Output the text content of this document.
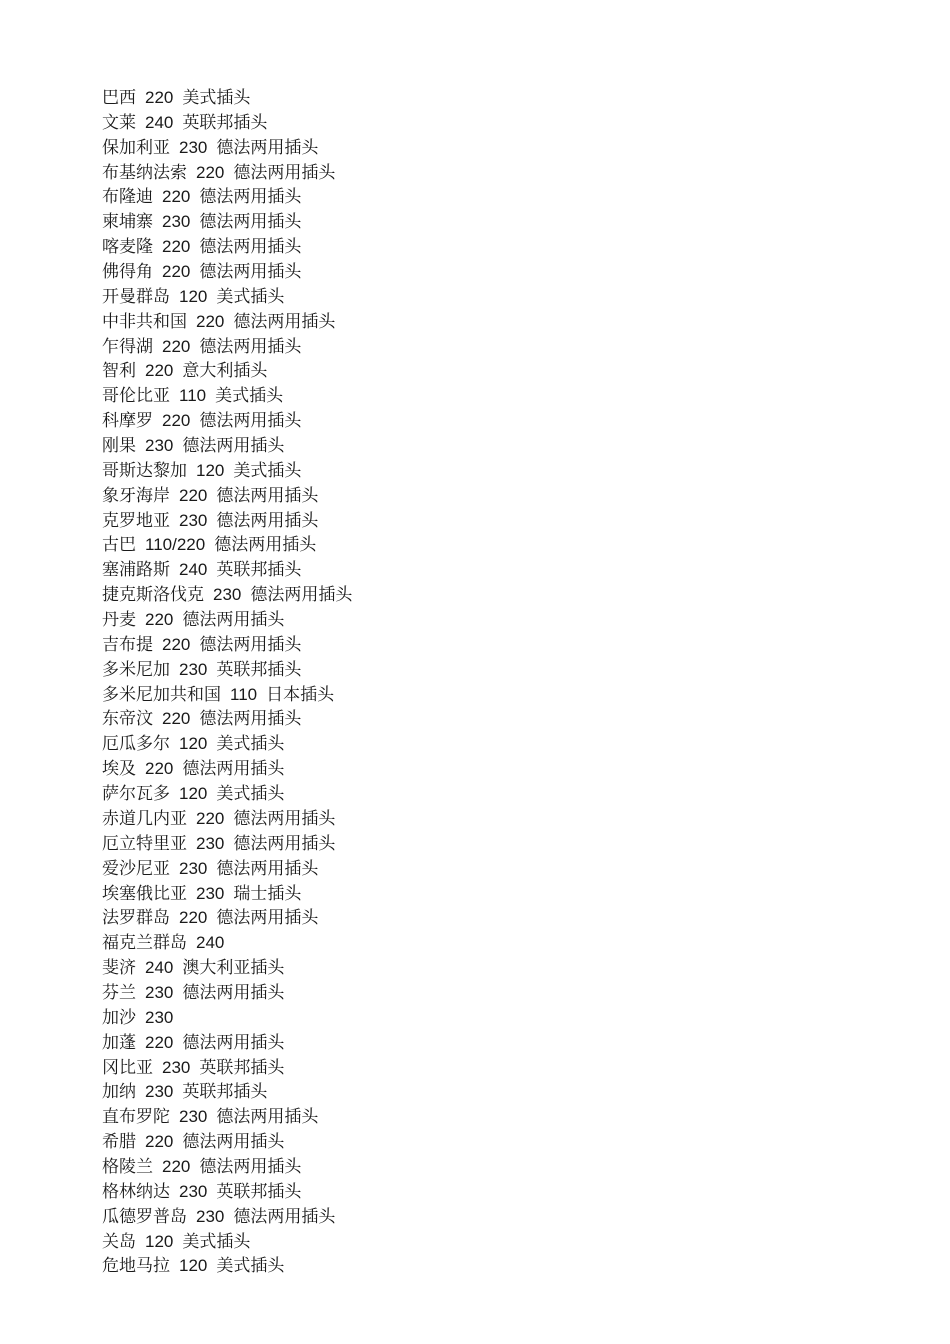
巴西 220 美式插头
文莱 240 英联邦插头
保加利亚 230 德法两用插头
布基纳法索 220 德法两用插头
布隆迪 220 德法两用插头
柬埔寨 230 德法两用插头
喀麦隆 220 德法两用插头
佛得角 220 德法两用插头
开曼群岛 120 美式插头
中非共和国 220 德法两用插头
乍得湖 220 德法两用插头
智利 220 意大利插头
哥伦比亚 110 美式插头
科摩罗 220 德法两用插头
刚果 230 德法两用插头
哥斯达黎加 120 美式插头
象牙海岸 220 德法两用插头
克罗地亚 230 德法两用插头
古巴 110/220 德法两用插头
塞浦路斯 240 英联邦插头
捷克斯洛伐克 230 德法两用插头
丹麦 220 德法两用插头
吉布提 220 德法两用插头
多米尼加 230 英联邦插头
多米尼加共和国 110 日本插头
东帝汶 220 德法两用插头
厄瓜多尔 120 美式插头
埃及 220 德法两用插头
萨尔瓦多 120 美式插头
赤道几内亚 220 德法两用插头
厄立特里亚 230 德法两用插头
爱沙尼亚 230 德法两用插头
埃塞俄比亚 230 瑞士插头
法罗群岛 220 德法两用插头
福克兰群岛 240
斐济 240 澳大利亚插头
芬兰 230 德法两用插头
加沙 230
加蓬 220 德法两用插头
冈比亚 230 英联邦插头
加纳 230 英联邦插头
直布罗陀 230 德法两用插头
希腊 220 德法两用插头
格陵兰 220 德法两用插头
格林纳达 230 英联邦插头
瓜德罗普岛 230 德法两用插头
关岛 120 美式插头
危地马拉 120 美式插头
